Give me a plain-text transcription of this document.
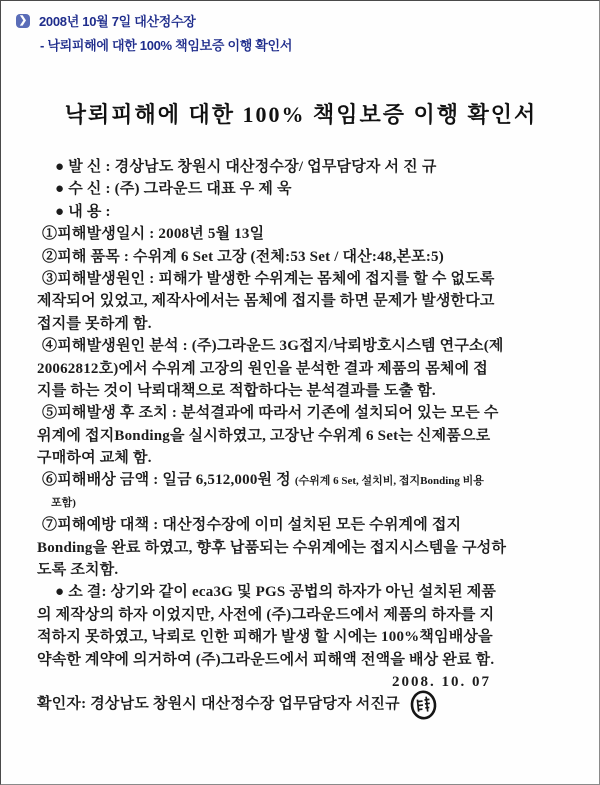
❯ 2008년 10월 7일 대산정수장
- 낙뢰피해에 대한 100% 책임보증 이행 확인서
낙뢰피해에 대한 100% 책임보증 이행 확인서
● 발 신 : 경상남도 창원시 대산정수장/ 업무담당자 서 진 규
● 수 신 : (주) 그라운드 대표 우 제 욱
● 내 용 :
①피해발생일시 : 2008년 5월 13일
②피해 품목 : 수위계 6 Set 고장 (전체:53 Set / 대산:48,본포:5)
③피해발생원인 : 피해가 발생한 수위계는 몸체에 접지를 할 수 없도록
제작되어 있었고, 제작사에서는 몸체에 접지를 하면 문제가 발생한다고
접지를 못하게 함.
④피해발생원인 분석 : (주)그라운드 3G접지/낙뢰방호시스템 연구소(제
20062812호)에서 수위계 고장의 원인을 분석한 결과 제품의 몸체에 접
지를 하는 것이 낙뢰대책으로 적합하다는 분석결과를 도출 함.
⑤피해발생 후 조치 : 분석결과에 따라서 기존에 설치되어 있는 모든 수
위계에 접지Bonding을 실시하였고, 고장난 수위계 6 Set는 신제품으로
구매하여 교체 함.
⑥피해배상 금액 : 일금 6,512,000원 정 (수위계 6 Set, 설치비, 접지Bonding 비용
포함)
⑦피해예방 대책 : 대산정수장에 이미 설치된 모든 수위계에 접지
Bonding을 완료 하였고, 향후 납품되는 수위계에는 접지시스템을 구성하
도록 조치함.
● 소 결: 상기와 같이 eca3G 및 PGS 공법의 하자가 아닌 설치된 제품
의 제작상의 하자 이었지만, 사전에 (주)그라운드에서 제품의 하자를 지
적하지 못하였고, 낙뢰로 인한 피해가 발생 할 시에는 100%책임배상을
약속한 계약에 의거하여 (주)그라운드에서 피해액 전액을 배상 완료 함.
2008. 10. 07
확인자: 경상남도 창원시 대산정수장 업무담당자 서진규
